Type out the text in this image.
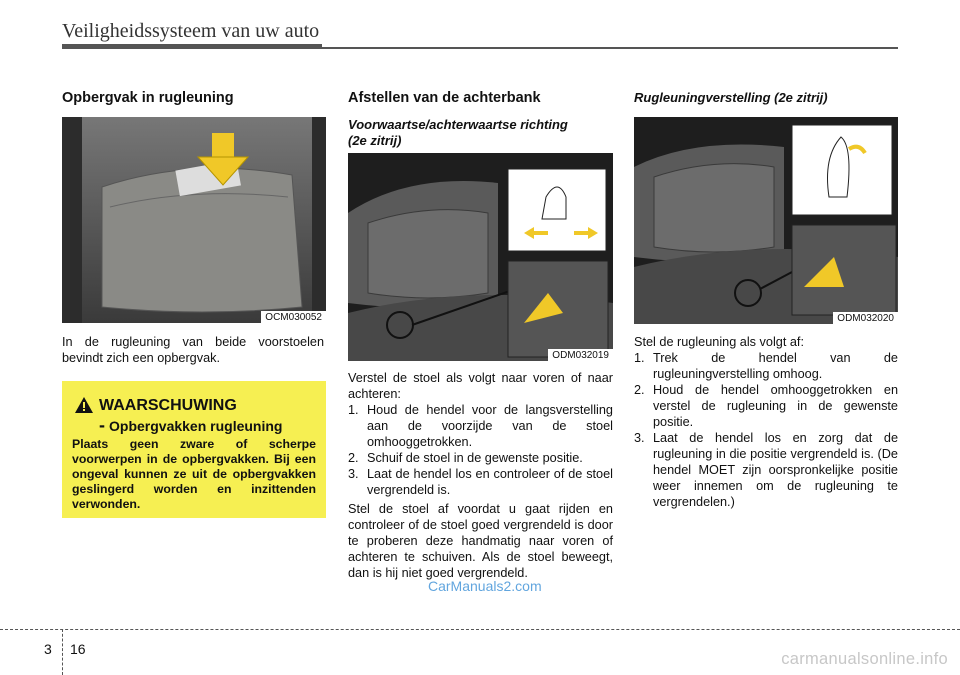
Veiligheidssysteem van uw auto
Opbergvak in rugleuning
OCM030052

In de rugleuning van beide voorstoelen bevindt zich een opbergvak.

WAARSCHUWING
- Opbergvakken rugleuning
Plaats geen zware of scherpe voorwerpen in de opbergvakken. Bij een ongeval kunnen ze uit de opbergvakken geslingerd worden en inzittenden verwonden.
Afstellen van de achterbank
Voorwaartse/achterwaartse richting
(2e zitrij)
ODM032019

Verstel de stoel als volgt naar voren of naar achteren:

1. Houd de hendel voor de langsverstelling aan de voorzijde van de stoel omhooggetrokken.
2. Schuif de stoel in de gewenste positie.
3. Laat de hendel los en controleer of de stoel vergrendeld is.

Stel de stoel af voordat u gaat rijden en controleer of de stoel goed vergrendeld is door te proberen deze handmatig naar voren of achteren te schuiven. Als de stoel beweegt, dan is hij niet goed vergrendeld.

Rugleuningverstelling (2e zitrij)
ODM032020

Stel de rugleuning als volgt af:

1. Trek de hendel van de rugleuningverstelling omhoog.
2. Houd de hendel omhooggetrokken en verstel de rugleuning in de gewenste positie.
3. Laat de hendel los en zorg dat de rugleuning in die positie vergrendeld is. (De hendel MOET zijn oorspronkelijke positie weer innemen om de rugleuning te vergrendelen.)
CarManuals2.com
3 16
carmanualsonline.info
